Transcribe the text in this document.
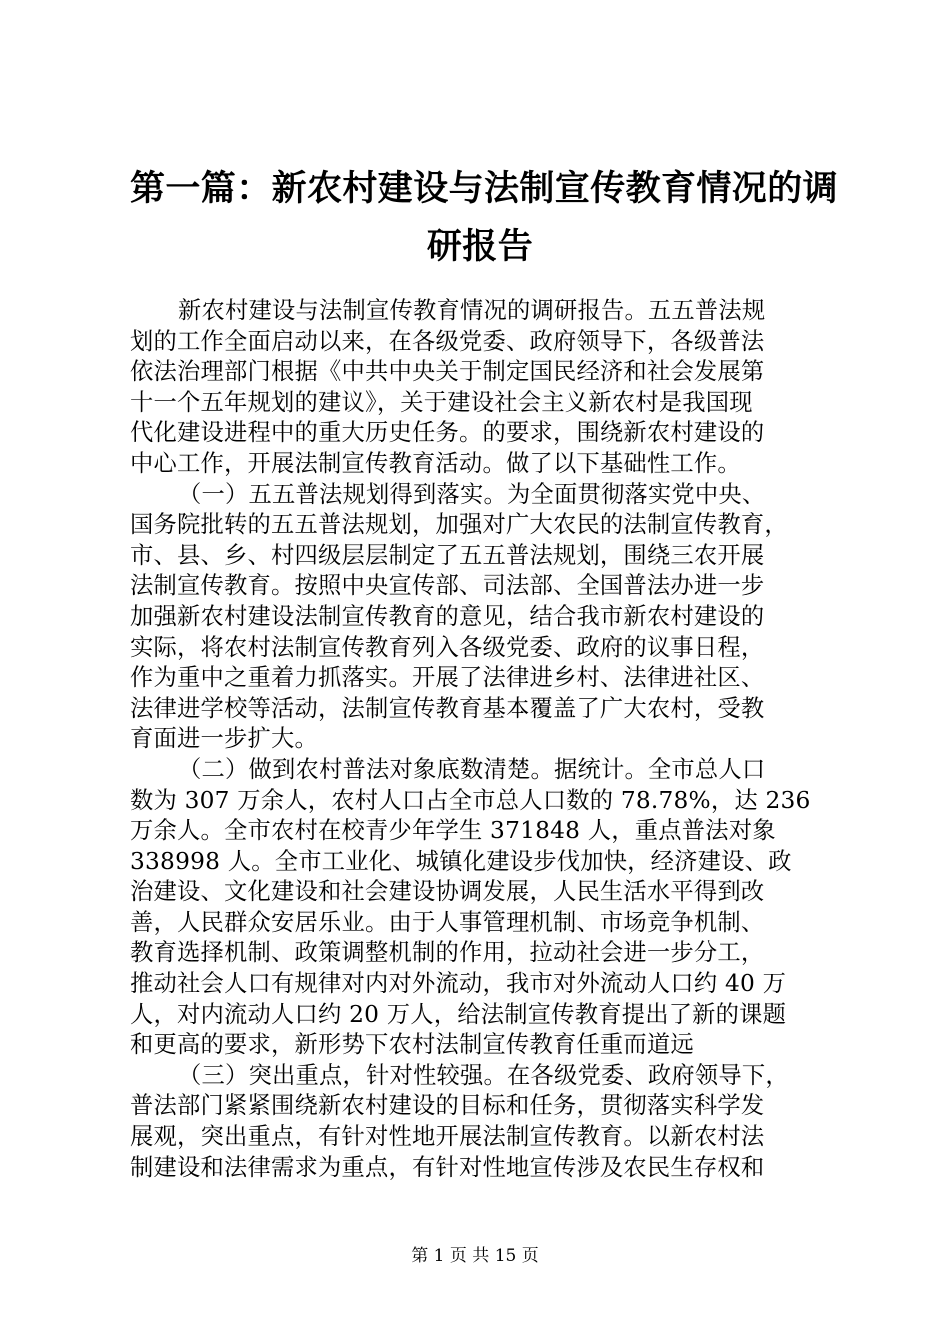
第一篇：新农村建设与法制宣传教育情况的调
研报告

新农村建设与法制宣传教育情况的调研报告。五五普法规
划的工作全面启动以来，在各级党委、政府领导下，各级普法
依法治理部门根据《中共中央关于制定国民经济和社会发展第
十一个五年规划的建议》，关于建设社会主义新农村是我国现
代化建设进程中的重大历史任务。的要求，围绕新农村建设的
中心工作，开展法制宣传教育活动。做了以下基础性工作。

（一）五五普法规划得到落实。为全面贯彻落实党中央、
国务院批转的五五普法规划，加强对广大农民的法制宣传教育，
市、县、乡、村四级层层制定了五五普法规划，围绕三农开展
法制宣传教育。按照中央宣传部、司法部、全国普法办进一步
加强新农村建设法制宣传教育的意见，结合我市新农村建设的
实际，将农村法制宣传教育列入各级党委、政府的议事日程，
作为重中之重着力抓落实。开展了法律进乡村、法律进社区、
法律进学校等活动，法制宣传教育基本覆盖了广大农村，受教
育面进一步扩大。

（二）做到农村普法对象底数清楚。据统计。全市总人口
数为 307 万余人，农村人口占全市总人口数的 78.78%，达 236
万余人。全市农村在校青少年学生 371848 人，重点普法对象
338998 人。全市工业化、城镇化建设步伐加快，经济建设、政
治建设、文化建设和社会建设协调发展，人民生活水平得到改
善，人民群众安居乐业。由于人事管理机制、市场竞争机制、
教育选择机制、政策调整机制的作用，拉动社会进一步分工，
推动社会人口有规律对内对外流动，我市对外流动人口约 40 万
人，对内流动人口约 20 万人，给法制宣传教育提出了新的课题
和更高的要求，新形势下农村法制宣传教育任重而道远

（三）突出重点，针对性较强。在各级党委、政府领导下，
普法部门紧紧围绕新农村建设的目标和任务，贯彻落实科学发
展观，突出重点，有针对性地开展法制宣传教育。以新农村法
制建设和法律需求为重点，有针对性地宣传涉及农民生存权和

第 1 页 共 15 页
